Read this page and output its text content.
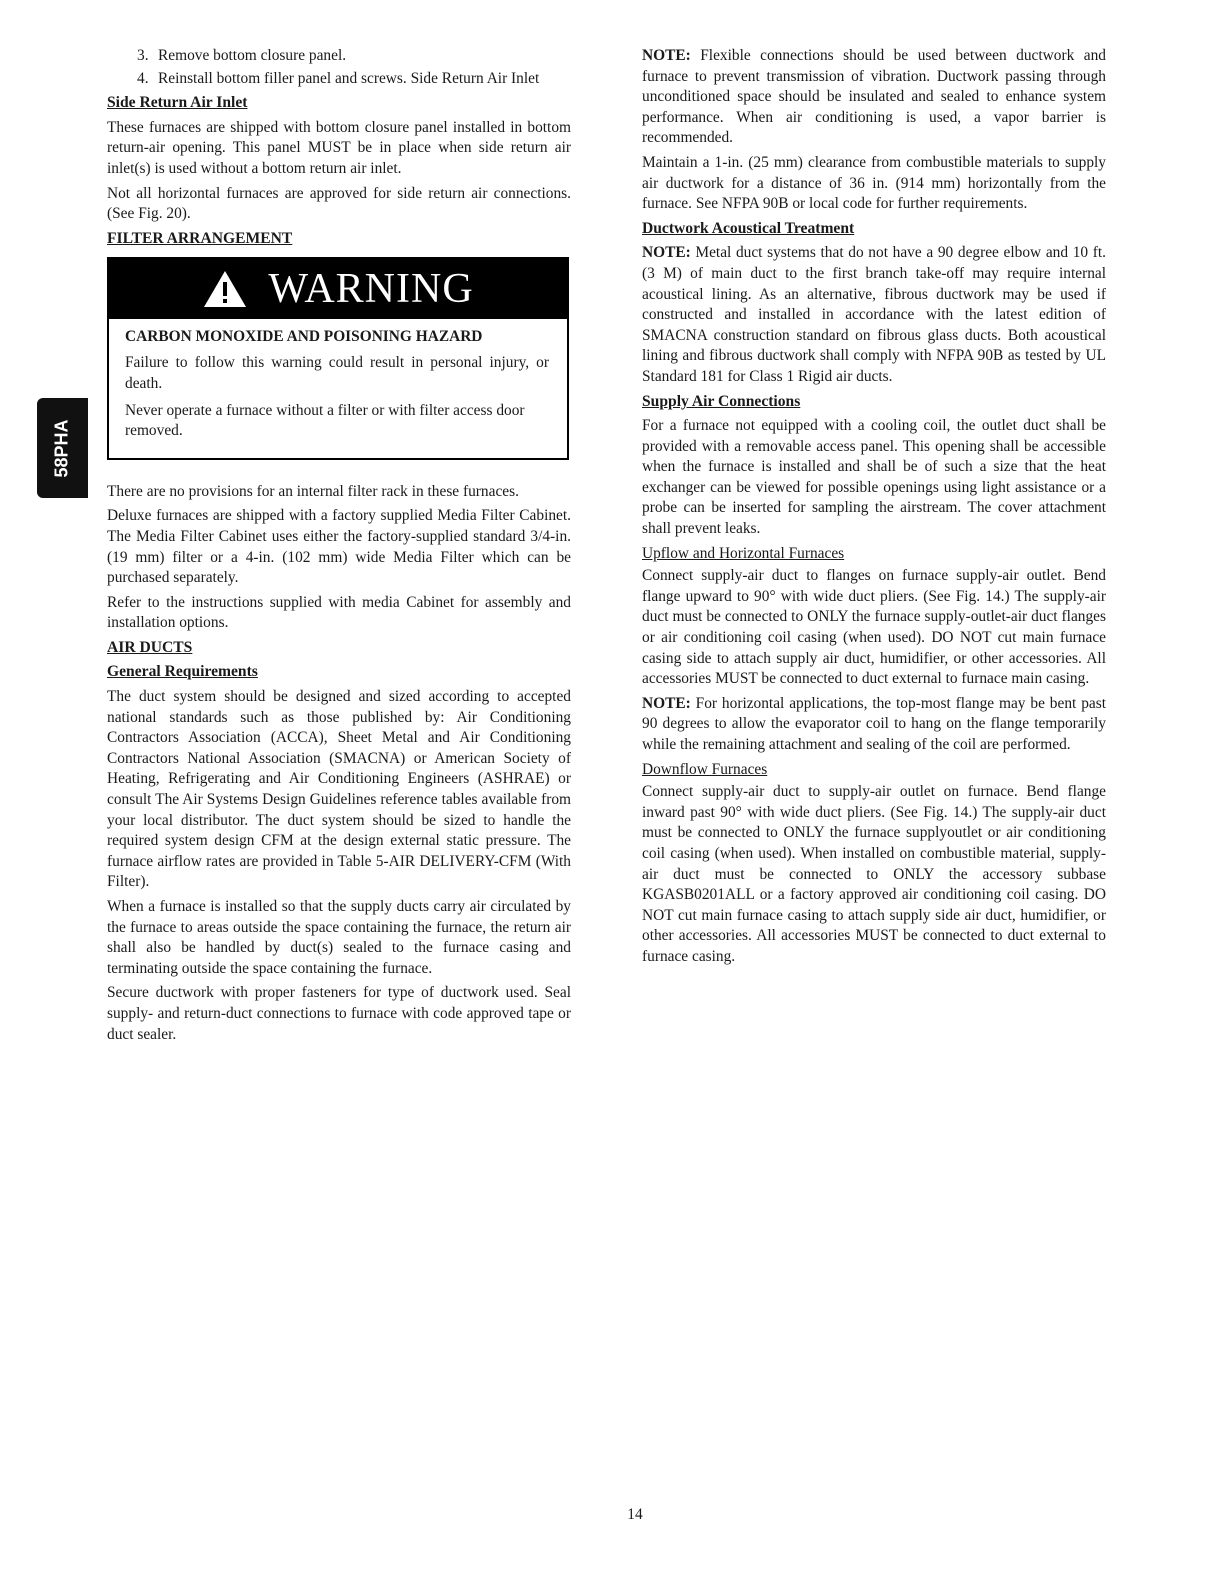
58PHA
3. Remove bottom closure panel.
4. Reinstall bottom filler panel and screws. Side Return Air Inlet
Side Return Air Inlet

These furnaces are shipped with bottom closure panel installed in bottom return-air opening. This panel MUST be in place when side return air inlet(s) is used without a bottom return air inlet.

Not all horizontal furnaces are approved for side return air connections. (See Fig. 20).

FILTER ARRANGEMENT
WARNING
CARBON MONOXIDE AND POISONING HAZARD

Failure to follow this warning could result in personal injury, or death.

Never operate a furnace without a filter or with filter access door removed.

There are no provisions for an internal filter rack in these furnaces.

Deluxe furnaces are shipped with a factory supplied Media Filter Cabinet. The Media Filter Cabinet uses either the factory-supplied standard 3/4-in. (19 mm) filter or a 4-in. (102 mm) wide Media Filter which can be purchased separately.

Refer to the instructions supplied with media Cabinet for assembly and installation options.

AIR DUCTS
General Requirements

The duct system should be designed and sized according to accepted national standards such as those published by: Air Conditioning Contractors Association (ACCA), Sheet Metal and Air Conditioning Contractors National Association (SMACNA) or American Society of Heating, Refrigerating and Air Conditioning Engineers (ASHRAE) or consult The Air Systems Design Guidelines reference tables available from your local distributor. The duct system should be sized to handle the required system design CFM at the design external static pressure. The furnace airflow rates are provided in Table 5-AIR DELIVERY-CFM (With Filter).

When a furnace is installed so that the supply ducts carry air circulated by the furnace to areas outside the space containing the furnace, the return air shall also be handled by duct(s) sealed to the furnace casing and terminating outside the space containing the furnace.

Secure ductwork with proper fasteners for type of ductwork used. Seal supply- and return-duct connections to furnace with code approved tape or duct sealer.

NOTE: Flexible connections should be used between ductwork and furnace to prevent transmission of vibration. Ductwork passing through unconditioned space should be insulated and sealed to enhance system performance. When air conditioning is used, a vapor barrier is recommended.

Maintain a 1-in. (25 mm) clearance from combustible materials to supply air ductwork for a distance of 36 in. (914 mm) horizontally from the furnace. See NFPA 90B or local code for further requirements.

Ductwork Acoustical Treatment

NOTE: Metal duct systems that do not have a 90 degree elbow and 10 ft. (3 M) of main duct to the first branch take-off may require internal acoustical lining. As an alternative, fibrous ductwork may be used if constructed and installed in accordance with the latest edition of SMACNA construction standard on fibrous glass ducts. Both acoustical lining and fibrous ductwork shall comply with NFPA 90B as tested by UL Standard 181 for Class 1 Rigid air ducts.

Supply Air Connections

For a furnace not equipped with a cooling coil, the outlet duct shall be provided with a removable access panel. This opening shall be accessible when the furnace is installed and shall be of such a size that the heat exchanger can be viewed for possible openings using light assistance or a probe can be inserted for sampling the airstream. The cover attachment shall prevent leaks.

Upflow and Horizontal Furnaces

Connect supply-air duct to flanges on furnace supply-air outlet. Bend flange upward to 90° with wide duct pliers. (See Fig. 14.) The supply-air duct must be connected to ONLY the furnace supply-outlet-air duct flanges or air conditioning coil casing (when used). DO NOT cut main furnace casing side to attach supply air duct, humidifier, or other accessories. All accessories MUST be connected to duct external to furnace main casing.

NOTE: For horizontal applications, the top-most flange may be bent past 90 degrees to allow the evaporator coil to hang on the flange temporarily while the remaining attachment and sealing of the coil are performed.

Downflow Furnaces

Connect supply-air duct to supply-air outlet on furnace. Bend flange inward past 90° with wide duct pliers. (See Fig. 14.) The supply-air duct must be connected to ONLY the furnace supplyoutlet or air conditioning coil casing (when used). When installed on combustible material, supply-air duct must be connected to ONLY the accessory subbase KGASB0201ALL or a factory approved air conditioning coil casing. DO NOT cut main furnace casing to attach supply side air duct, humidifier, or other accessories. All accessories MUST be connected to duct external to furnace casing.

14
